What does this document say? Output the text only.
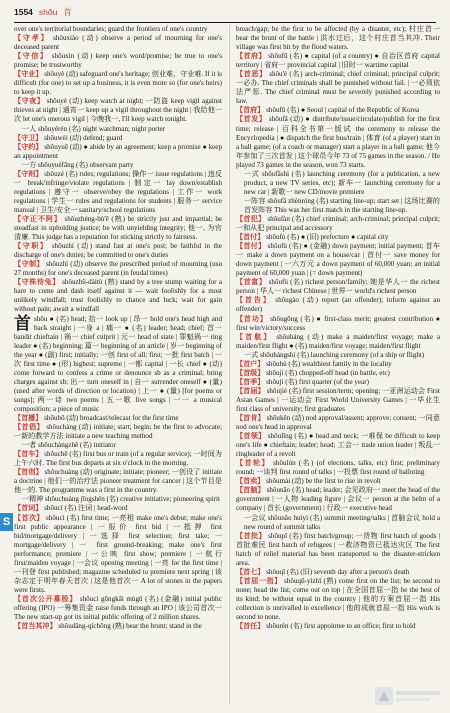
1554 shǒu 首

over one's territorial boundaries; guard the frontiers of one's country

【守孝】 shǒuxiào (动) observe a period of mourning for one's deceased parent

【守信】 shǒuxìn (动) keep one's word/promise; be true to one's promise; be trustworthy

【守业】 shǒuyè (动) safeguard one's heritage; 创业难，守业难. If it is difficult (for one) to set up a business, it is even more so (for one's heirs) to keep it up.

【守夜】 shǒuyè (动) keep watch at night; 一防盗 keep vigil against thieves at night | 通宵一 keep up a vigil throughout the night | 我给他一次 let one's onerous vigil | 今晚我一, I'll keep watch tonight.

一人 shǒuyèrén (名) night watchman; night porter

【守卫】 shǒuwèi (动) defend; guard

【守约】 shǒuyuē (动) ● abide by an agreement; keep a promise ● keep an appointment

一方 shǒuyuèfāng (名) observant party

【守则】 shǒuzé (名) rules; regulations; 操作一 issue regulations | 违反一 break/infringe/violate regulations | 制定一 lay down/establish regulations | 遵守一 observe/obey the regulations | 工作一 work regulations | 学生一 rules and regulations for students | 服务一 service manual | 卫生/安全一 sanitary/school regulations

【守正不阿】 shǒuzhèng-bù'ē (熟) be strictly just and impartial; be steadfast in upholding justice; be with unyielding integrity; 他一, 为官清廉. This judge has a reputation for sticking strictly to fairness.

【守职】 shǒuzhí (动) stand fast at one's post; be faithful in the discharge of one's duties; be committed to one's duties

【守制】 shǒuzhì (动) observe the prescribed period of mourning (usu 27 months) for one's deceased parent (in feudal times)

【守株待兔】 shǒuzhū-dàitù (熟) stand by a tree stump waiting for a hare to come and dash itself against it — wait foolishly for a most unlikely windfall; trust foolishly to chance and luck; wait for gain without pain; await a windfall

首 shǒu ● (名) head; 抬一 look up | 昂一 hold one's head high and back straight | 一身 a | 痛一 ● (名) leader; head; chief; 首一 bandit chieftain | 祸一 chief culprit | 元一 head of state | 罪魁祸一 ring leader ● (名) beginning; 篇一 beginning of an article | 岁一 beginning of the year ● (副) first; initially; 一创 first of all; first; 一批 first batch | 一次 first time ● (形) highest; supreme | 一都 capital | 一长 chief ● (动) come forward to confess a crime or denounce sb as a criminal; bring charges against sb; 出一 turn oneself in | 自一 surrender oneself ● (量) (used after words of direction or location) | 上一 ● (量) [for poems or songs]; 两一诗 two poems | 五一歌 five songs | 一一 a musical composition; a piece of music

【首播】 shǒubō (动) broadcast/telecast for the first time

【首倡】 shǒuchàng (动) initiate; start; begin; be the first to advocate; 一新的教学方法 initiate a new teaching method

一者 shǒuchàngzhě (名) initiator

【首车】 shǒuchē (名) first bus or train (of a regular service); 一时间为上午六时. The first bus departs at six o'clock in the morning.

【首创】 shǒuchuàng (动) originate; initiate; pioneer; 一创设了 initiate a doctrine | 他们一的治疗法 pioneer treatment for cancer | 这个节目是他一的. The programme was a first in the country.

一精神 shǒuchuàng jīngshén (名) creative initiative; pioneering spirit

【首词】 shǒucí (名) 注词 | head-word

【首次】 shǒucì (名) first time; 一亮相 make one's debut; make one's first public appearance | 一报价 first bid | 一抵押 first bid/mortgage/delivery | 一选择 first selection; first take; 一 mortgage/delivery | 一 first ground-breaking; make one's first performance; premiere | 一公映 first show; premiere | 一航行 first/maiden voyage | 一会议 opening meeting | 一亮 for the first time | 一刊登 first published; magazine scheduled to premiere next spring | 该杂志定于明年春天首次 | 这是他首次一 A lot of stones in the papers were firsts.

【首次公开募股】 shǒucì gōngkāi mùgǔ (名) (金融) initial public offering (IPO) 一筹集资金 raise funds through an IPO | 该公司首次一 The new start-up got its initial public offering of 2 million shares.

【首当其冲】 shǒudāng-qíchōng (熟) bear the brunt; stand in the

breach/gap; be the first to be affected (by a disaster, etc); 村庄首一 bear the brunt of the battle | 洪水过后，这个村庄首当其冲. Their village was first hit by the flood waters.

【首府】 shǒufǔ (名) ● capital (of a country) ● 自治区首府 capital territory | 省府一 provincial capital | 旧时一 wartime capital

【首恶】 shǒu'è (名) arch-criminal; chief criminal; principal culprit; 一必办. The chief criminals shall be punished without fail. | 一必须依法严惩. The chief criminal must be severely punished according to law.

【首府】 shǒufǔ (名) ● Seoul | capital of the Republic of Korea

【首发】 shǒufā (动) ● distribute/issue/circulate/publish for the first time; release | 百科全书第一版试 the ceremony to release the Encyclopedia | ● dispatch the first bus/train | 体育 (of a player) start in a ball game; (of a coach or manager) start a player in a ball game; 他今年参加了三次首发 | 这个球员今年 73 of 75 games in the season. / He played 73 games in the season, won 73 starts.

一式 shǒufāshì (名) launching ceremony (for a publication, a new product, a new TV series, etc); 新车一 launching ceremony for a new car | 新歌一 new CD/movie premiere

一阵容 shǒufā zhènróng (名) starting line-up; start set | 这场比赛的首发阵容 This was her first match in the starting line-up.

【首犯】 shǒufàn (名) chief criminal; arch-criminal; principal culprit; 一和从犯 principal and accessory

【首付】 shǒufù (名) ● (旧) prefecture ● capital city

【首付】 shǒufù (名) ● (金融) down payment; initial payment; 首车一 make a down payment on a house/car | 首付一 save money for down payment | 一六万元 a down payment of 60,000 yuan; an initial payment of 60,000 yuan | (= down payment)

【首富】 shǒufù (名) richest person/family; 她是华人一 the richest person | 华人一 richest Chinese | 世界一 world's richest person

【首告】 shǒugào (动) report (an offender); inform against an offender)

【首功】 shǒugōng (名) ● first-class merit; greatest contribution ● first win/victory/success

【首航】 shǒuháng (动) make a maiden/first voyage; make a maiden/first flight ● (名) maiden/first voyage; maiden/first flight

一式 shǒuhángshì (名) launching ceremony (of a ship or flight)

【首户】 shǒuhù (名) wealthiest family in the locality

【首级】 shǒují (名) chopped-off head (in battle, etc)

【首季】 shǒujì (名) first quarter (of the year)

【首届】 shǒujiè (名) first session/term; opening; 一亚洲运动会 First Asian Games | 一运动会 First World University Games | 一毕业生 first class of university; first graduates

【首肯】 shǒukěn (动) nod approval/assent; approve; consent; 一同意 nod one's head in approval

【首领】 shǒulǐng (名) ● head and neck; 一难保 be difficult to keep one's life ● chieftain; leader; head; 工会一 trade union leader | 叛乱一 ringleader of a revolt

【首轮】 shǒulún (名) (of elections, talks, etc) first; preliminary round; 一谈判 first round of talks | 一投票 first round of balloting

【首卖】 shǒumài (动) be the first to rise in revolt

【首脑】 shǒunǎo (名) head; leader; 会见政府一 meet the head of the government | 一人物 leading figure | 会议一 person at the helm of a company | 首长 (government) | 行政一 executive head

一会议 shǒunǎo huìyì (名) summit meeting/talks | 首脑会议 hold a new round of summit talks

【首批】 shǒupī (名) first batch/group; 一货物 first batch of goods | 首批难民 first batch of refugees | 一救济物资已抵达灾区 The first batch of relief material has been transported to the disaster-stricken area.

【首七】 shǒuqī (名) (旧) seventh day after a person's death

【首屈一指】 shǒuqū-yìzhǐ (熟) come first on the list; be second to none; head the list; come out on top | 在全国首屈一指 be the best of its kind; be without equal in the country | 他的方案首屈一指 His collection is unrivalled in excellence | 他的成就首屈一指 His work is second to none.

【首任】 shǒurèn (名) first appointee to an office; first to hold

S
